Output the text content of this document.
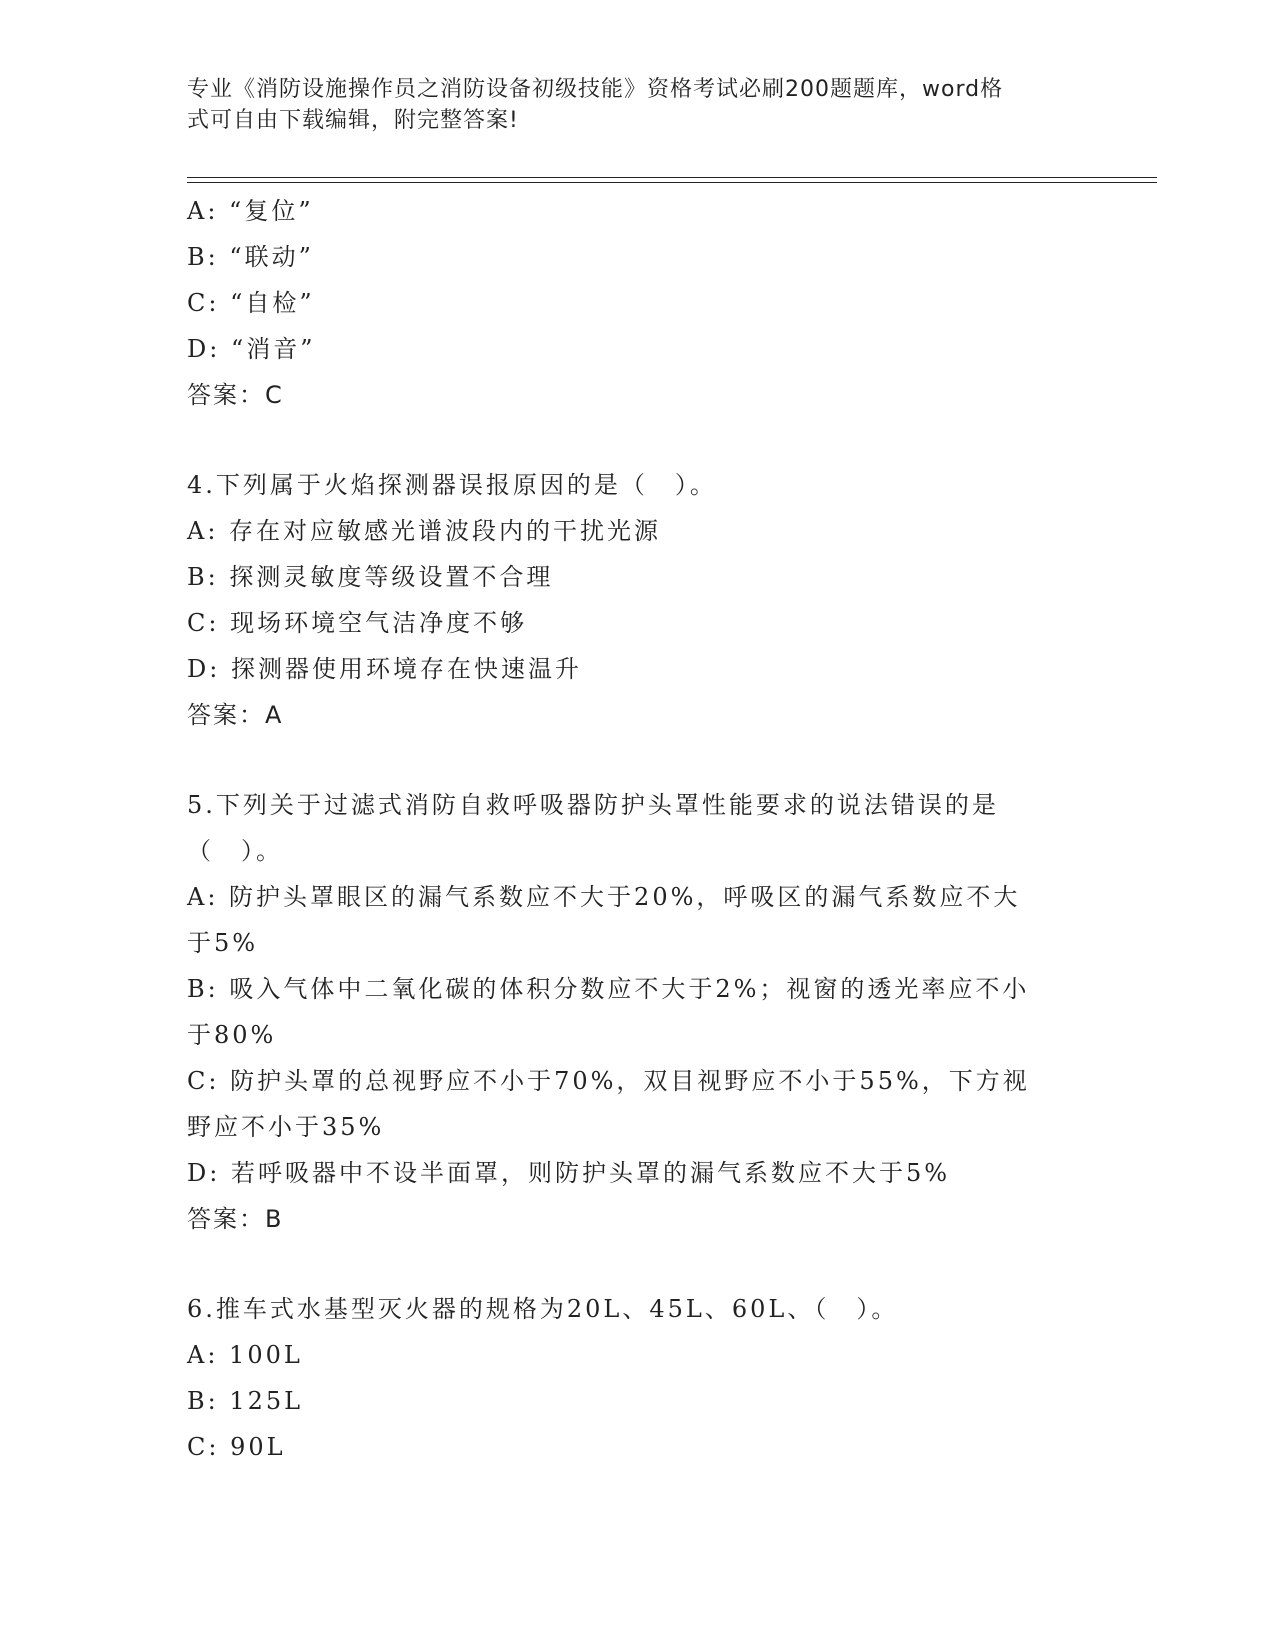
专业《消防设施操作员之消防设备初级技能》资格考试必刷200题题库，word格
式可自由下载编辑，附完整答案!
A: “复位”
B: “联动”
C: “自检”
D: “消音”
答案：C
4.下列属于火焰探测器误报原因的是（　）。
A: 存在对应敏感光谱波段内的干扰光源
B: 探测灵敏度等级设置不合理
C: 现场环境空气洁净度不够
D: 探测器使用环境存在快速温升
答案：A
5.下列关于过滤式消防自救呼吸器防护头罩性能要求的说法错误的是
（　）。
A: 防护头罩眼区的漏气系数应不大于20%，呼吸区的漏气系数应不大
于5%
B: 吸入气体中二氧化碳的体积分数应不大于2%；视窗的透光率应不小
于80%
C: 防护头罩的总视野应不小于70%，双目视野应不小于55%，下方视
野应不小于35%
D: 若呼吸器中不设半面罩，则防护头罩的漏气系数应不大于5%
答案：B
6.推车式水基型灭火器的规格为20L、45L、60L、（　）。
A: 100L
B: 125L
C: 90L
